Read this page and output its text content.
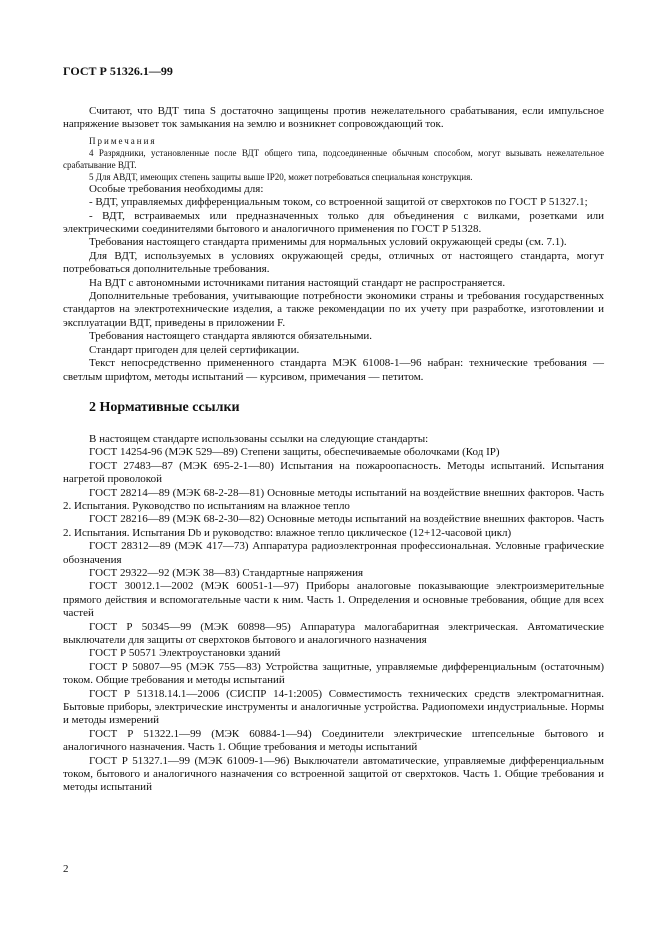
ГОСТ Р 51326.1—99

Считают, что ВДТ типа S достаточно защищены против нежелательного срабатывания, если импульсное напряжение вызовет ток замыкания на землю и возникнет сопровождающий ток.

Примечания

4 Разрядники, установленные после ВДТ общего типа, подсоединенные обычным способом, могут вызывать нежелательное срабатывание ВДТ.

5 Для АВДТ, имеющих степень защиты выше IP20, может потребоваться специальная конструкция.

Особые требования необходимы для:

- ВДТ, управляемых дифференциальным током, со встроенной защитой от сверхтоков по ГОСТ Р 51327.1;

- ВДТ, встраиваемых или предназначенных только для объединения с вилками, розетками или электрическими соединителями бытового и аналогичного применения по ГОСТ Р 51328.

Требования настоящего стандарта применимы для нормальных условий окружающей среды (см. 7.1).

Для ВДТ, используемых в условиях окружающей среды, отличных от настоящего стандарта, могут потребоваться дополнительные требования.

На ВДТ с автономными источниками питания настоящий стандарт не распространяется.

Дополнительные требования, учитывающие потребности экономики страны и требования государственных стандартов на электротехнические изделия, а также рекомендации по их учету при разработке, изготовлении и эксплуатации ВДТ, приведены в приложении F.

Требования настоящего стандарта являются обязательными.

Стандарт пригоден для целей сертификации.

Текст непосредственно примененного стандарта МЭК 61008-1—96 набран: технические требования — светлым шрифтом, методы испытаний — курсивом, примечания — петитом.

2 Нормативные ссылки

В настоящем стандарте использованы ссылки на следующие стандарты:

ГОСТ 14254-96 (МЭК 529—89) Степени защиты, обеспечиваемые оболочками (Код IP)

ГОСТ 27483—87 (МЭК 695-2-1—80) Испытания на пожароопасность. Методы испытаний. Испытания нагретой проволокой

ГОСТ 28214—89 (МЭК 68-2-28—81) Основные методы испытаний на воздействие внешних факторов. Часть 2. Испытания. Руководство по испытаниям на влажное тепло

ГОСТ 28216—89 (МЭК 68-2-30—82) Основные методы испытаний на воздействие внешних факторов. Часть 2. Испытания. Испытания Db и руководство: влажное тепло циклическое (12+12-часовой цикл)

ГОСТ 28312—89 (МЭК 417—73) Аппаратура радиоэлектронная профессиональная. Условные графические обозначения

ГОСТ 29322—92 (МЭК 38—83) Стандартные напряжения

ГОСТ 30012.1—2002 (МЭК 60051-1—97) Приборы аналоговые показывающие электроизмерительные прямого действия и вспомогательные части к ним. Часть 1. Определения и основные требования, общие для всех частей

ГОСТ Р 50345—99 (МЭК 60898—95) Аппаратура малогабаритная электрическая. Автоматические выключатели для защиты от сверхтоков бытового и аналогичного назначения

ГОСТ Р 50571 Электроустановки зданий

ГОСТ Р 50807—95 (МЭК 755—83) Устройства защитные, управляемые дифференциальным (остаточным) током. Общие требования и методы испытаний

ГОСТ Р 51318.14.1—2006 (СИСПР 14-1:2005) Совместимость технических средств электромагнитная. Бытовые приборы, электрические инструменты и аналогичные устройства. Радиопомехи индустриальные. Нормы и методы измерений

ГОСТ Р 51322.1—99 (МЭК 60884-1—94) Соединители электрические штепсельные бытового и аналогичного назначения. Часть 1. Общие требования и методы испытаний

ГОСТ Р 51327.1—99 (МЭК 61009-1—96) Выключатели автоматические, управляемые дифференциальным током, бытового и аналогичного назначения со встроенной защитой от сверхтоков. Часть 1. Общие требования и методы испытаний

2
